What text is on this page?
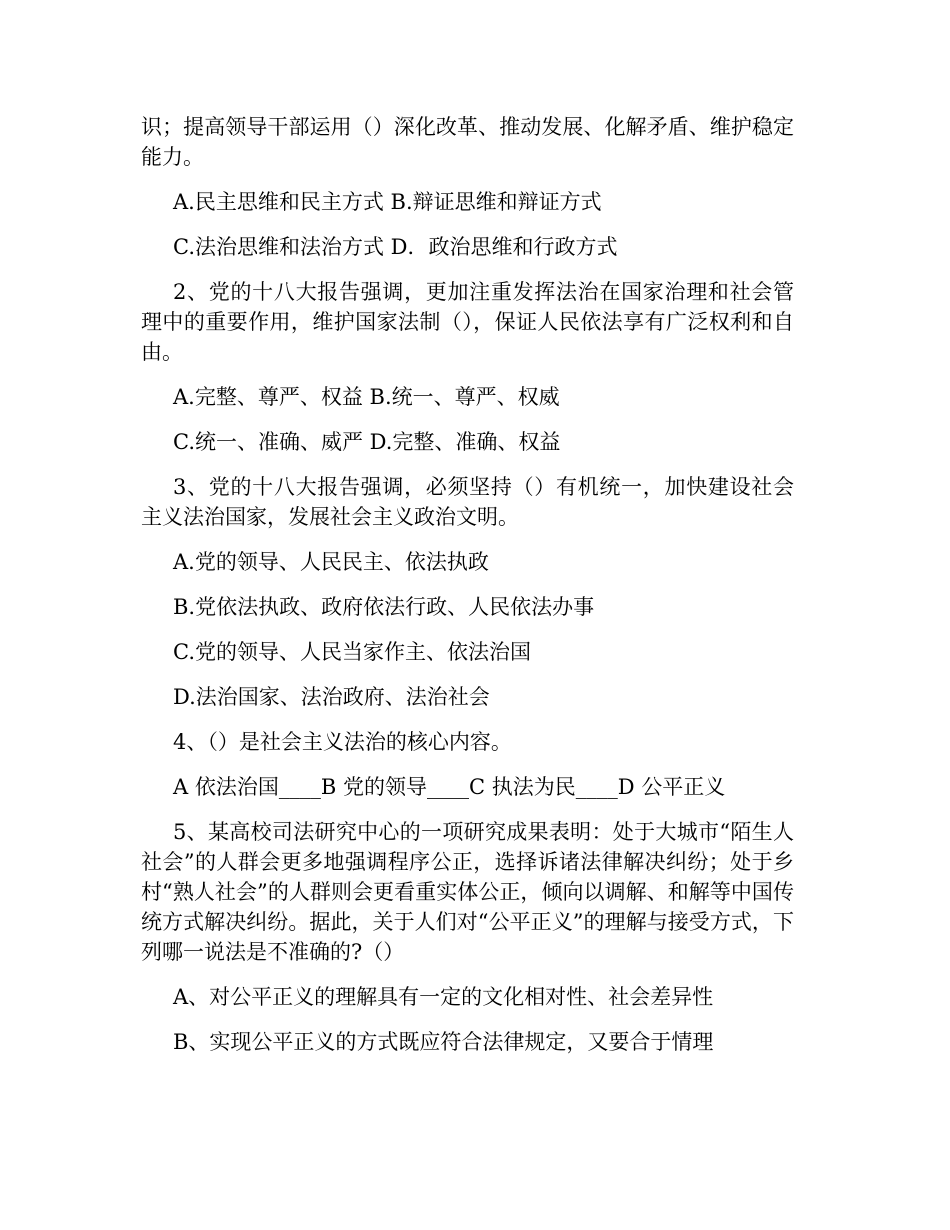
识；提高领导干部运用（）深化改革、推动发展、化解矛盾、维护稳定能力。

A.民主思维和民主方式 B.辩证思维和辩证方式

C.法治思维和法治方式 D．政治思维和行政方式

2、党的十八大报告强调，更加注重发挥法治在国家治理和社会管理中的重要作用，维护国家法制（），保证人民依法享有广泛权利和自由。

A.完整、尊严、权益 B.统一、尊严、权威

C.统一、准确、威严 D.完整、准确、权益

3、党的十八大报告强调，必须坚持（）有机统一，加快建设社会主义法治国家，发展社会主义政治文明。

A.党的领导、人民民主、依法执政

B.党依法执政、政府依法行政、人民依法办事

C.党的领导、人民当家作主、依法治国

D.法治国家、法治政府、法治社会

4、（）是社会主义法治的核心内容。

A 依法治国____B 党的领导____C 执法为民____D 公平正义

5、某高校司法研究中心的一项研究成果表明：处于大城市“陌生人社会”的人群会更多地强调程序公正，选择诉诸法律解决纠纷；处于乡村“熟人社会”的人群则会更看重实体公正，倾向以调解、和解等中国传统方式解决纠纷。据此，关于人们对“公平正义”的理解与接受方式，下列哪一说法是不准确的?（）

A、对公平正义的理解具有一定的文化相对性、社会差异性

B、实现公平正义的方式既应符合法律规定，又要合于情理
